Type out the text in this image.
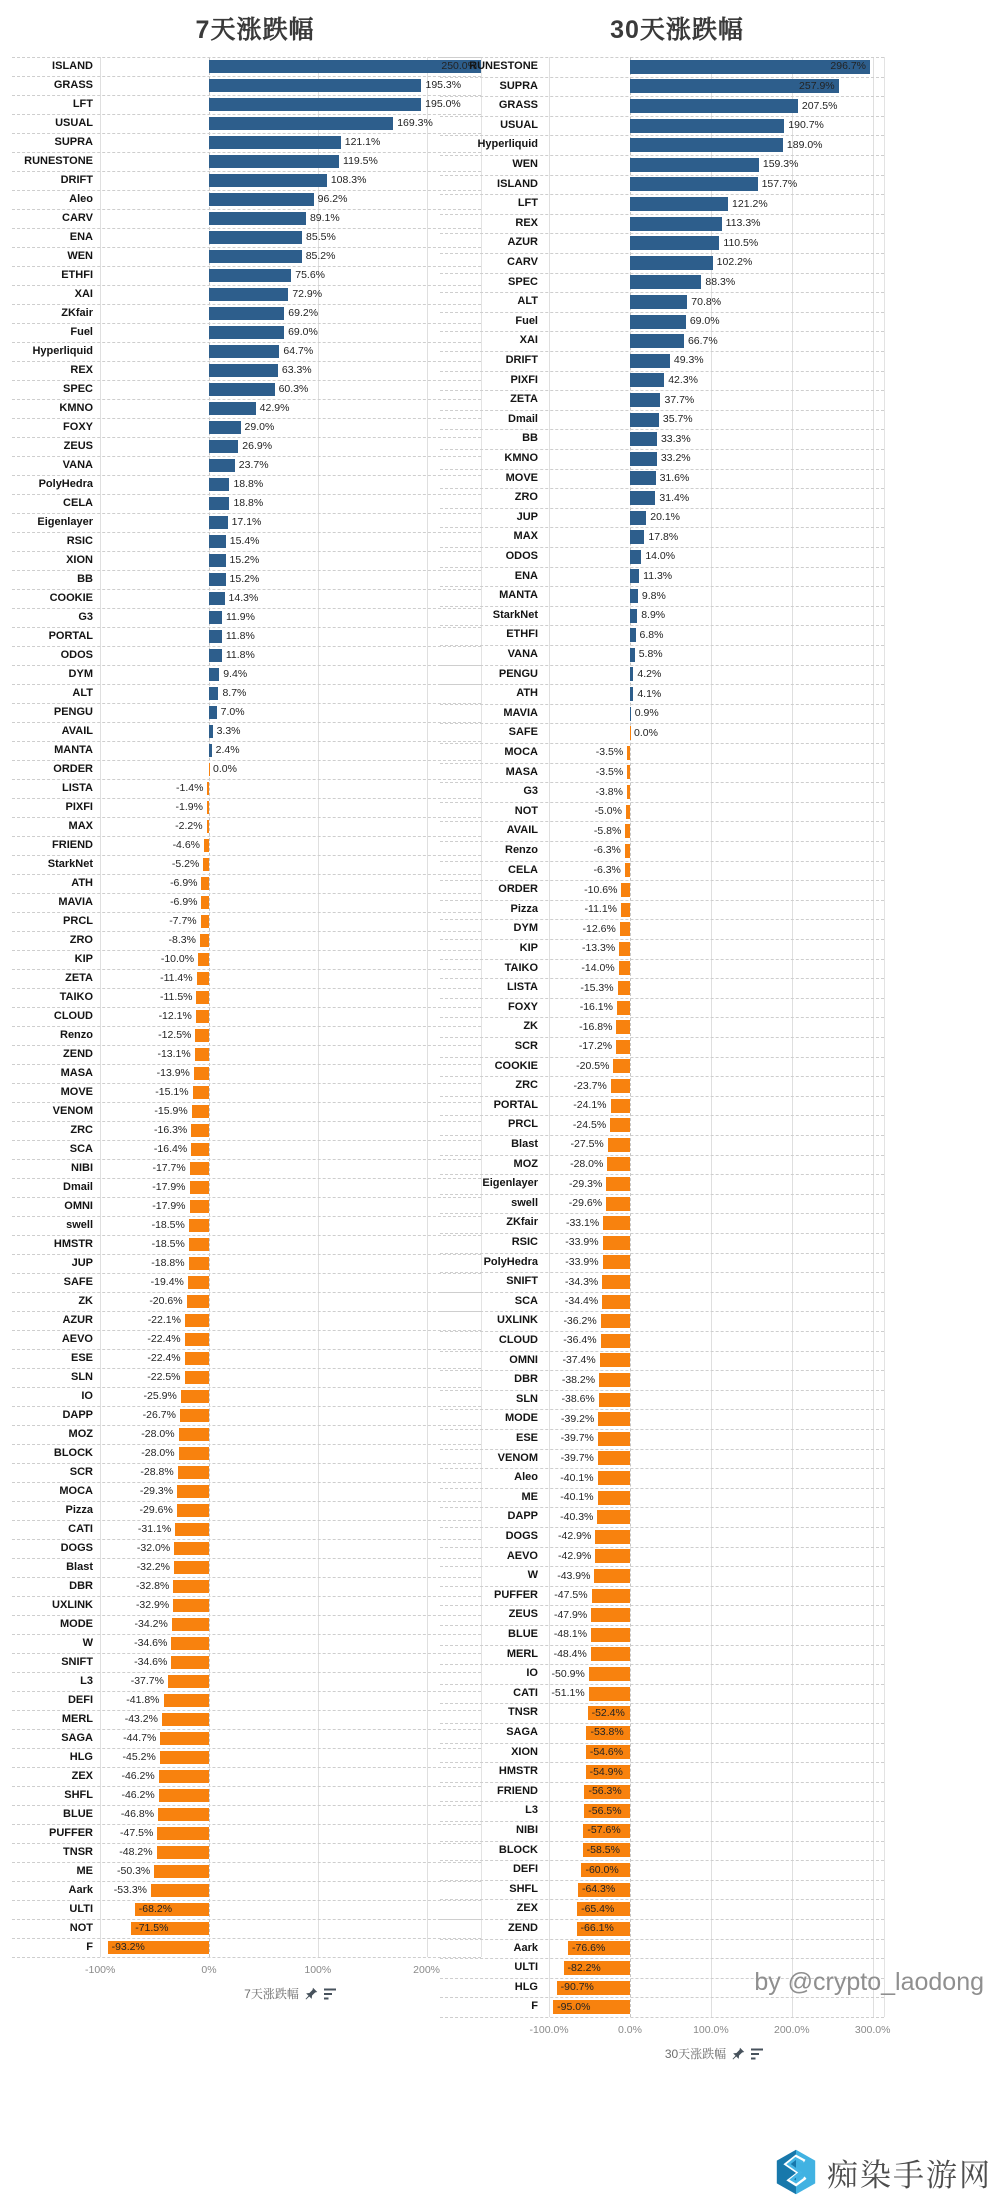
7天涨跌幅
7天涨跌幅
-100%	0%	100%	200%
ISLAND	250.0%
GRASS	195.3%
LFT	195.0%
USUAL	169.3%
SUPRA	121.1%
RUNESTONE	119.5%
DRIFT	108.3%
Aleo	96.2%
CARV	89.1%
ENA	85.5%
WEN	85.2%
ETHFI	75.6%
XAI	72.9%
ZKfair	69.2%
Fuel	69.0%
Hyperliquid	64.7%
REX	63.3%
SPEC	60.3%
KMNO	42.9%
FOXY	29.0%
ZEUS	26.9%
VANA	23.7%
PolyHedra	18.8%
CELA	18.8%
Eigenlayer	17.1%
RSIC	15.4%
XION	15.2%
BB	15.2%
COOKIE	14.3%
G3	11.9%
PORTAL	11.8%
ODOS	11.8%
DYM	9.4%
ALT	8.7%
PENGU	7.0%
AVAIL	3.3%
MANTA	2.4%
ORDER	0.0%
LISTA	-1.4%
PIXFI	-1.9%
MAX	-2.2%
FRIEND	-4.6%
StarkNet	-5.2%
ATH	-6.9%
MAVIA	-6.9%
PRCL	-7.7%
ZRO	-8.3%
KIP	-10.0%
ZETA	-11.4%
TAIKO	-11.5%
CLOUD	-12.1%
Renzo	-12.5%
ZEND	-13.1%
MASA	-13.9%
MOVE	-15.1%
VENOM	-15.9%
ZRC	-16.3%
SCA	-16.4%
NIBI	-17.7%
Dmail	-17.9%
OMNI	-17.9%
swell	-18.5%
HMSTR	-18.5%
JUP	-18.8%
SAFE	-19.4%
ZK	-20.6%
AZUR	-22.1%
AEVO	-22.4%
ESE	-22.4%
SLN	-22.5%
IO	-25.9%
DAPP	-26.7%
MOZ	-28.0%
BLOCK	-28.0%
SCR	-28.8%
MOCA	-29.3%
Pizza	-29.6%
CATI	-31.1%
DOGS	-32.0%
Blast	-32.2%
DBR	-32.8%
UXLINK	-32.9%
MODE	-34.2%
W	-34.6%
SNIFT	-34.6%
L3	-37.7%
DEFI	-41.8%
MERL	-43.2%
SAGA	-44.7%
HLG	-45.2%
ZEX	-46.2%
SHFL	-46.2%
BLUE	-46.8%
PUFFER	-47.5%
TNSR	-48.2%
ME -50.3%
Aark -53.3%
ULTI	-68.2%
NOT	-71.5%
F -93.2%
30天涨跌幅
30天涨跌幅
-100.0%	0.0%	100.0%	200.0%	300.0%
RUNESTONE	296.7%
SUPRA	257.9%
GRASS	207.5%
USUAL	190.7%
Hyperliquid	189.0%
WEN	159.3%
ISLAND	157.7%
LFT	121.2%
REX	113.3%
AZUR	110.5%
CARV	102.2%
SPEC	88.3%
ALT	70.8%
Fuel	69.0%
XAI	66.7%
DRIFT	49.3%
PIXFI	42.3%
ZETA	37.7%
Dmail	35.7%
BB	33.3%
KMNO	33.2%
MOVE	31.6%
ZRO	31.4%
JUP	20.1%
MAX	17.8%
ODOS	14.0%
ENA	11.3%
MANTA	9.8%
StarkNet	8.9%
ETHFI	6.8%
VANA	5.8%
PENGU	4.2%
ATH	4.1%
MAVIA	0.9%
SAFE	0.0%
MOCA	-3.5%
MASA	-3.5%
G3	-3.8%
NOT	-5.0%
AVAIL	-5.8%
Renzo	-6.3%
CELA	-6.3%
ORDER	-10.6%
Pizza	-11.1%
DYM	-12.6%
KIP	-13.3%
TAIKO	-14.0%
LISTA	-15.3%
FOXY	-16.1%
ZK	-16.8%
SCR	-17.2%
COOKIE	-20.5%
ZRC	-23.7%
PORTAL	-24.1%
PRCL	-24.5%
Blast	-27.5%
MOZ	-28.0%
Eigenlayer	-29.3%
swell	-29.6%
ZKfair	-33.1%
RSIC	-33.9%
PolyHedra	-33.9%
SNIFT	-34.3%
SCA	-34.4%
UXLINK -36.2%
CLOUD -36.4%
OMNI -37.4%
DBR -38.2%
SLN -38.6%
MODE -39.2%
ESE -39.7%
VENOM -39.7%
Aleo -40.1%
ME -40.1%
DAPP -40.3%
DOGS -42.9%
AEVO -42.9%
W -43.9%
PUFFER -47.5%
ZEUS -47.9%
BLUE -48.1%
MERL -48.4%
IO -50.9%
CATI -51.1%
TNSR	-52.4%
SAGA	-53.8%
XION	-54.6%
HMSTR	-54.9%
FRIEND	-56.3%
L3	-56.5%
NIBI	-57.6%
BLOCK	-58.5%
DEFI	-60.0%
SHFL	-64.3%
ZEX	-65.4%
ZEND	-66.1%
Aark	-76.6%
ULTI	-82.2%
HLG -90.7%
F -95.0%
by @crypto_laodong
痴染手游网
